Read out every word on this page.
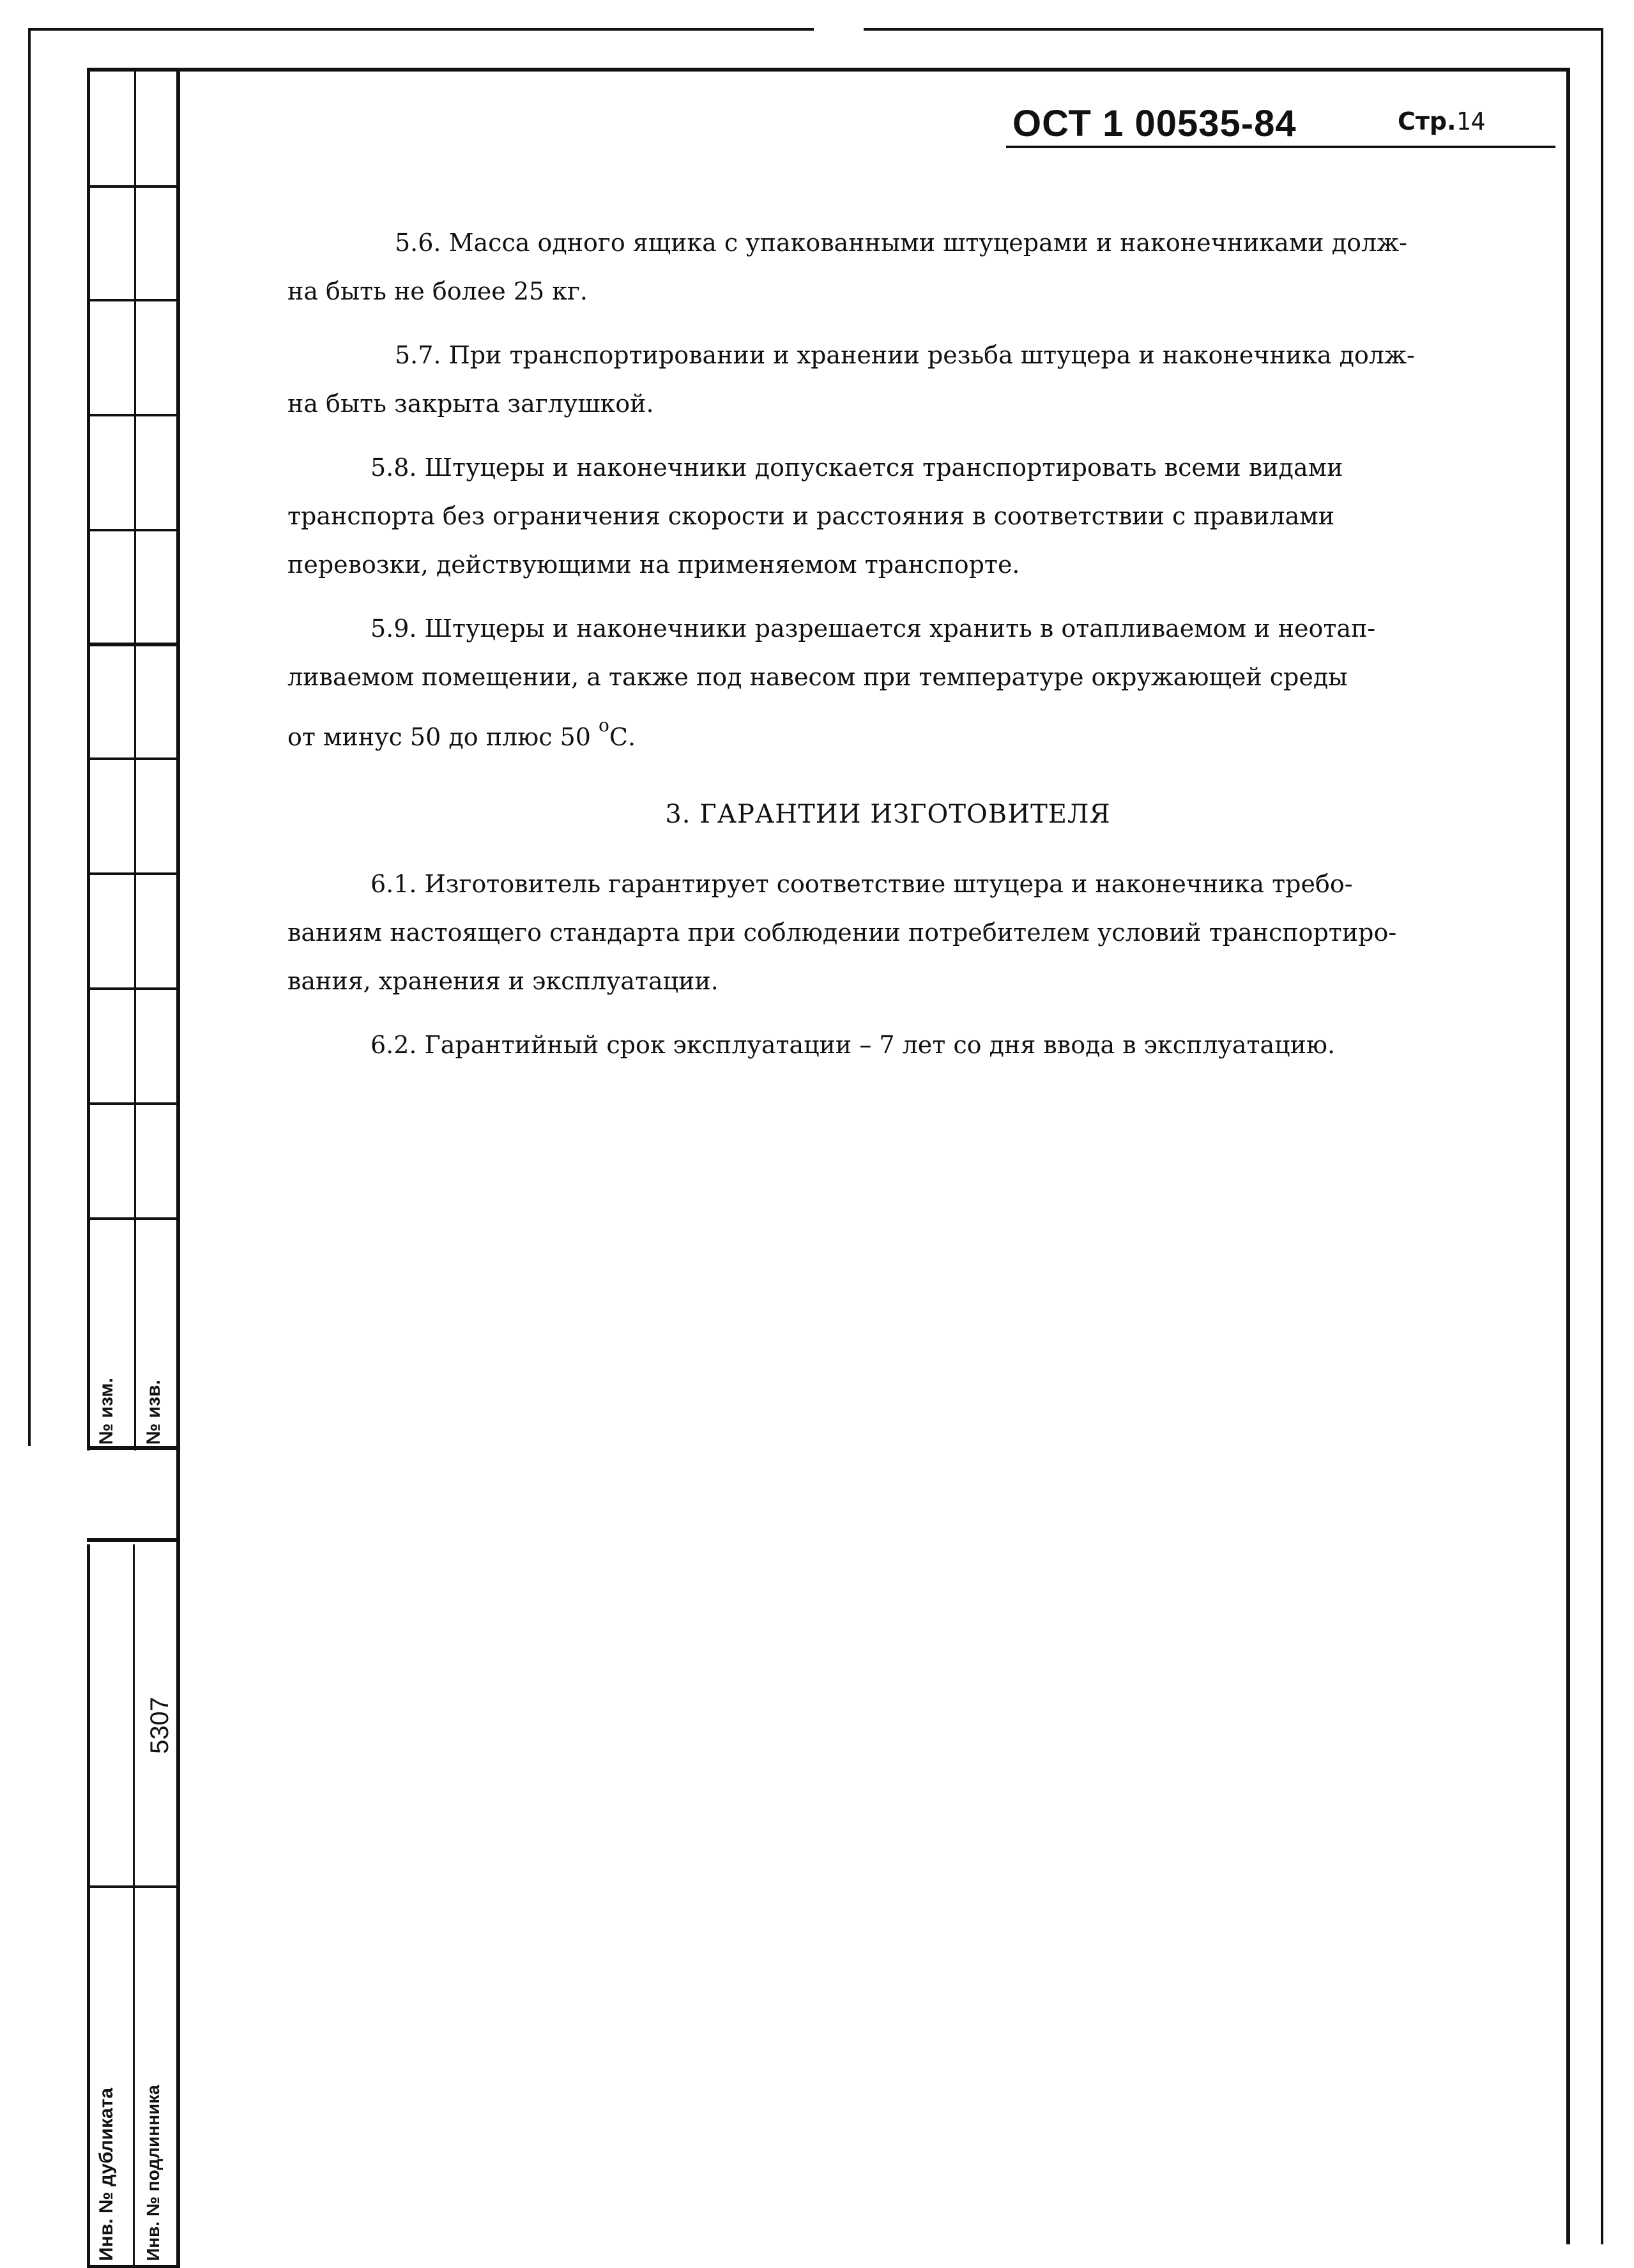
№ изм. № изв.
Инв. № дубликата Инв. № подлинника
5307
ОСТ 1 00535-84	Стр.14
5.6. Масса одного ящика с упакованными штуцерами и наконечниками долж-
на быть не более 25 кг.
5.7. При транспортировании и хранении резьба штуцера и наконечника долж-
на быть закрыта заглушкой.
5.8. Штуцеры и наконечники допускается транспортировать всеми видами
транспорта без ограничения скорости и расстояния в соответствии с правилами
перевозки, действующими на применяемом транспорте.
5.9. Штуцеры и наконечники разрешается хранить в отапливаемом и неотап-
ливаемом помещении, а также под навесом при температуре окружающей среды
от минус 50 до плюс 50 $^о$С.
3. ГАРАНТИИ ИЗГОТОВИТЕЛЯ
6.1. Изготовитель гарантирует соответствие штуцера и наконечника требо-
ваниям настоящего стандарта при соблюдении потребителем условий транспортиро-
вания, хранения и эксплуатации.
6.2. Гарантийный срок эксплуатации – 7 лет со дня ввода в эксплуатацию.
